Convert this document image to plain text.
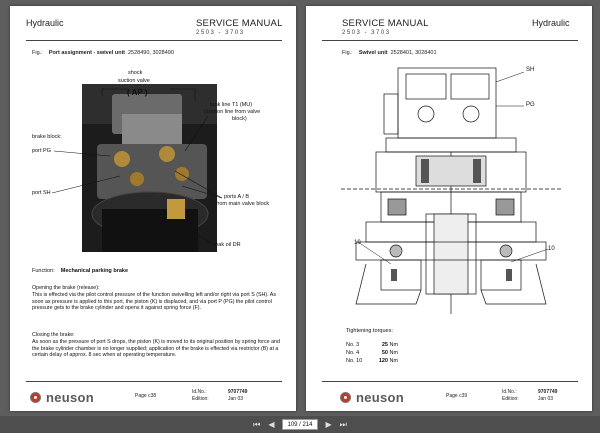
Hydraulic	SERVICE MANUAL
2503 - 3703
Fig.: Port assignment - swivel unit 2528490, 3028490
shock
suction valve
( AP )
tank line T1 (MU)
(suction line from valve
block)
brake block:
port PG
port SH
ports A / B
from main valve block
leak oil DR
Function: Mechanical parking brake
Opening the brake (release):
This is effected via the pilot control pressure of the function swivelling left and/or right via port S (SH). As soon as pressure is applied to this port, the piston (K) is displaced, and via port P (PG) the pilot control pressure gets to the brake cylinder and opens it against spring force (F).
Closing the brake:
As soon as the pressure of port S drops, the piston (K) is moved to its original position by spring force and the brake cylinder chamber is no longer supplied; application of the brake is effected via restrictor (B) at a certain delay of approx. 8 sec when at operating temperature.
neuson	Page c38
Id.No.:
Edition:
9707749
Jan 03
SERVICE MANUAL
2503 - 3703
Hydraulic
Fig.: Swivel unit 2528401, 3028401
SH
PG
10
10
Tightening torques:
No. 3	25 Nm
No. 4	50 Nm
No. 10	120 Nm
neuson	Page c39
Id.No.:
Edition:
9707749
Jan 03
⏮ ◀	109 / 214	▶ ⏭
